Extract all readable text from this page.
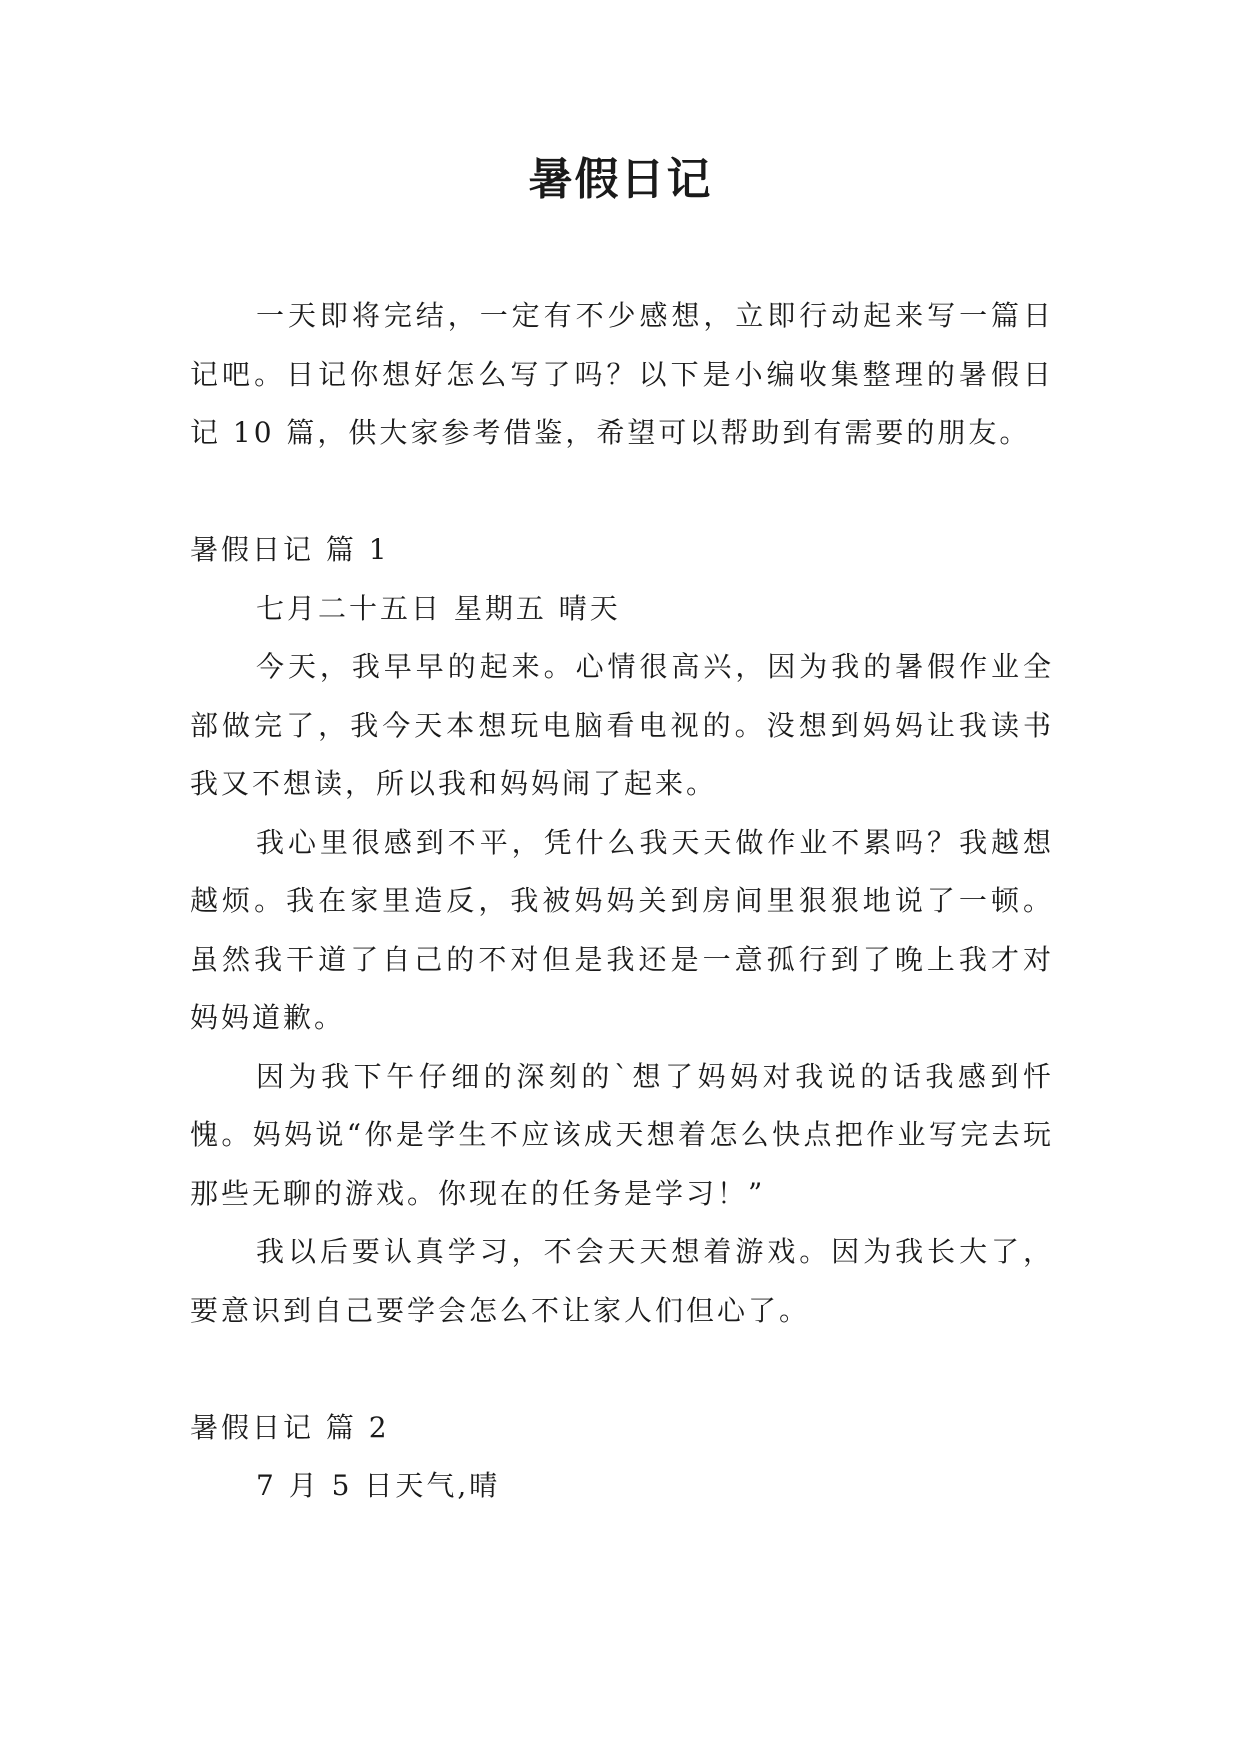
暑假日记

一天即将完结，一定有不少感想，立即行动起来写一篇日记吧。日记你想好怎么写了吗？以下是小编收集整理的暑假日记 10 篇，供大家参考借鉴，希望可以帮助到有需要的朋友。

暑假日记 篇 1

七月二十五日 星期五 晴天

今天，我早早的起来。心情很高兴，因为我的暑假作业全部做完了，我今天本想玩电脑看电视的。没想到妈妈让我读书我又不想读，所以我和妈妈闹了起来。

我心里很感到不平，凭什么我天天做作业不累吗？我越想越烦。我在家里造反，我被妈妈关到房间里狠狠地说了一顿。虽然我干道了自己的不对但是我还是一意孤行到了晚上我才对妈妈道歉。

因为我下午仔细的深刻的`想了妈妈对我说的话我感到忏愧。妈妈说“你是学生不应该成天想着怎么快点把作业写完去玩那些无聊的游戏。你现在的任务是学习！”

我以后要认真学习，不会天天想着游戏。因为我长大了，要意识到自己要学会怎么不让家人们但心了。

暑假日记 篇 2

7 月 5 日天气,晴
